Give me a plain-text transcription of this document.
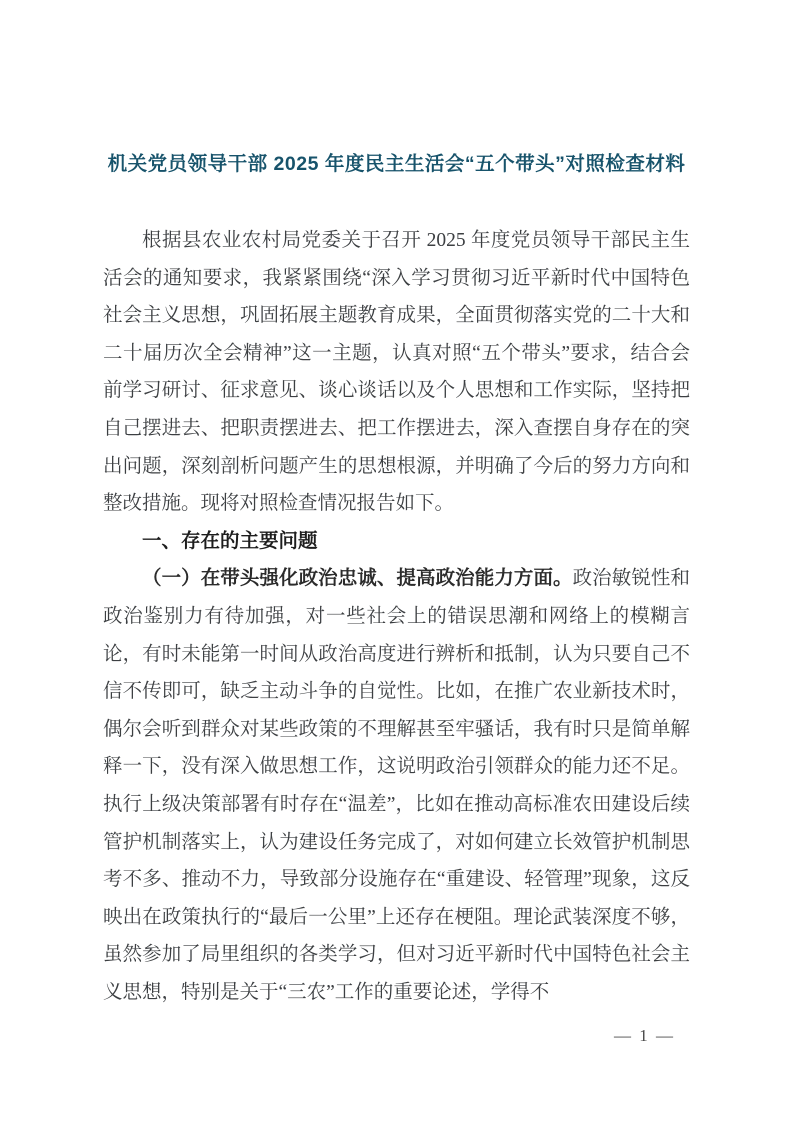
机关党员领导干部 2025 年度民主生活会“五个带头”对照检查材料

根据县农业农村局党委关于召开 2025 年度党员领导干部民主生活会的通知要求，我紧紧围绕“深入学习贯彻习近平新时代中国特色社会主义思想，巩固拓展主题教育成果，全面贯彻落实党的二十大和二十届历次全会精神”这一主题，认真对照“五个带头”要求，结合会前学习研讨、征求意见、谈心谈话以及个人思想和工作实际，坚持把自己摆进去、把职责摆进去、把工作摆进去，深入查摆自身存在的突出问题，深刻剖析问题产生的思想根源，并明确了今后的努力方向和整改措施。现将对照检查情况报告如下。

一、存在的主要问题

（一）在带头强化政治忠诚、提高政治能力方面。政治敏锐性和政治鉴别力有待加强，对一些社会上的错误思潮和网络上的模糊言论，有时未能第一时间从政治高度进行辨析和抵制，认为只要自己不信不传即可，缺乏主动斗争的自觉性。比如，在推广农业新技术时，偶尔会听到群众对某些政策的不理解甚至牢骚话，我有时只是简单解释一下，没有深入做思想工作，这说明政治引领群众的能力还不足。执行上级决策部署有时存在“温差”，比如在推动高标准农田建设后续管护机制落实上，认为建设任务完成了，对如何建立长效管护机制思考不多、推动不力，导致部分设施存在“重建设、轻管理”现象，这反映出在政策执行的“最后一公里”上还存在梗阻。理论武装深度不够，虽然参加了局里组织的各类学习，但对习近平新时代中国特色社会主义思想，特别是关于“三农”工作的重要论述，学得不

— 1 —
